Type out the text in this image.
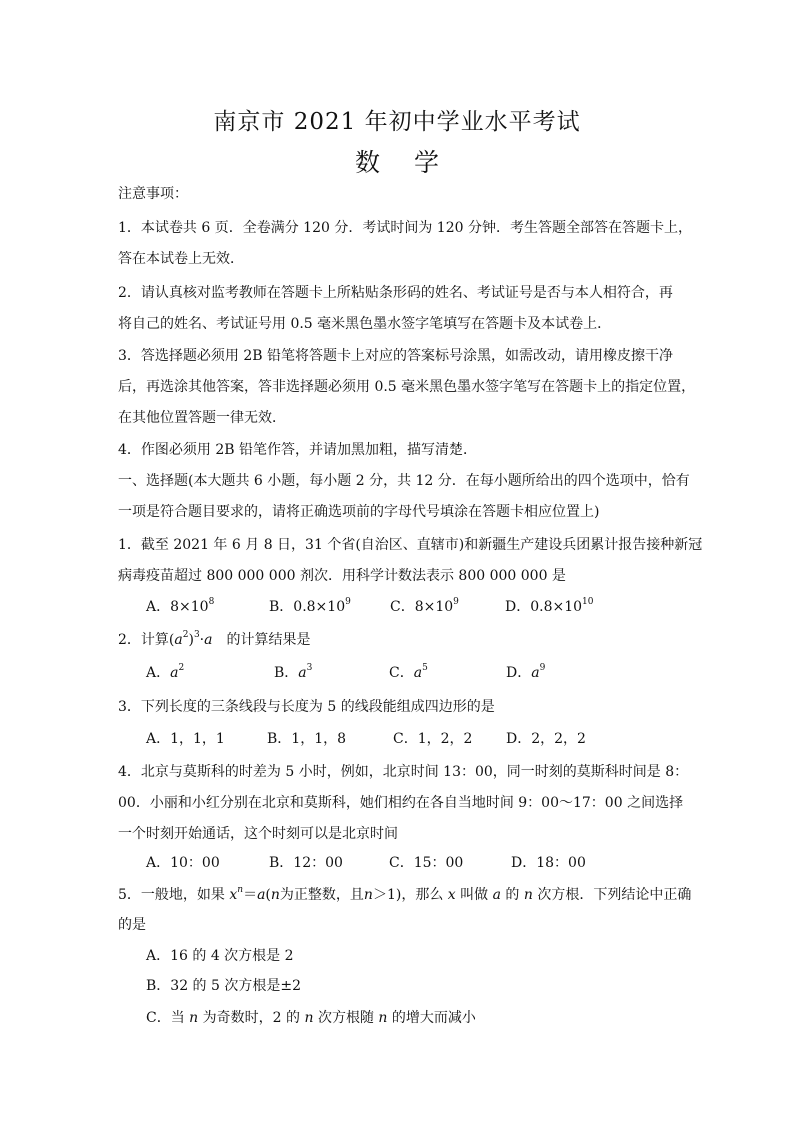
南京市 2021 年初中学业水平考试
数学
注意事项：
1．本试卷共 6 页．全卷满分 120 分．考试时间为 120 分钟．考生答题全部答在答题卡上，
答在本试卷上无效．
2．请认真核对监考教师在答题卡上所粘贴条形码的姓名、考试证号是否与本人相符合，再
将自己的姓名、考试证号用 0.5 毫米黑色墨水签字笔填写在答题卡及本试卷上．
3．答选择题必须用 2B 铅笔将答题卡上对应的答案标号涂黑，如需改动，请用橡皮擦干净
后，再选涂其他答案，答非选择题必须用 0.5 毫米黑色墨水签字笔写在答题卡上的指定位置，
在其他位置答题一律无效．
4．作图必须用 2B 铅笔作答，并请加黑加粗，描写清楚．
一、选择题(本大题共 6 小题，每小题 2 分，共 12 分．在每小题所给出的四个选项中，恰有
一项是符合题目要求的，请将正确选项前的字母代号填涂在答题卡相应位置上)
1．截至 2021 年 6 月 8 日，31 个省(自治区、直辖市)和新疆生产建设兵团累计报告接种新冠
病毒疫苗超过 800 000 000 剂次．用科学计数法表示 800 000 000 是
A．$8\times 10^8$	B．$0.8\times 10^9$	C．$8\times 10^9$	D．$0.8\times 10^{10}$
2．计算$(a^2)^3\cdot a$　的计算结果是
A．$a^2$	B．$a^3$	C．$a^5$	D．$a^9$
3．下列长度的三条线段与长度为 5 的线段能组成四边形的是
A．1，1，1	B．1，1，8	C．1，2，2 D．2，2，2
4．北京与莫斯科的时差为 5 小时，例如，北京时间 13：00，同一时刻的莫斯科时间是 8：
00．小丽和小红分别在北京和莫斯科，她们相约在各自当地时间 9：00～17：00 之间选择
一个时刻开始通话，这个时刻可以是北京时间
A．10：00	B．12：00	C．15：00	D．18：00
5．一般地，如果 $x^n=a(n$为正整数，且n＞1)，那么 x 叫做 a 的 n 次方根．下列结论中正确
的是
A．16 的 4 次方根是 2
B．32 的 5 次方根是±2
C．当 n 为奇数时，2 的 n 次方根随 n 的增大而减小
